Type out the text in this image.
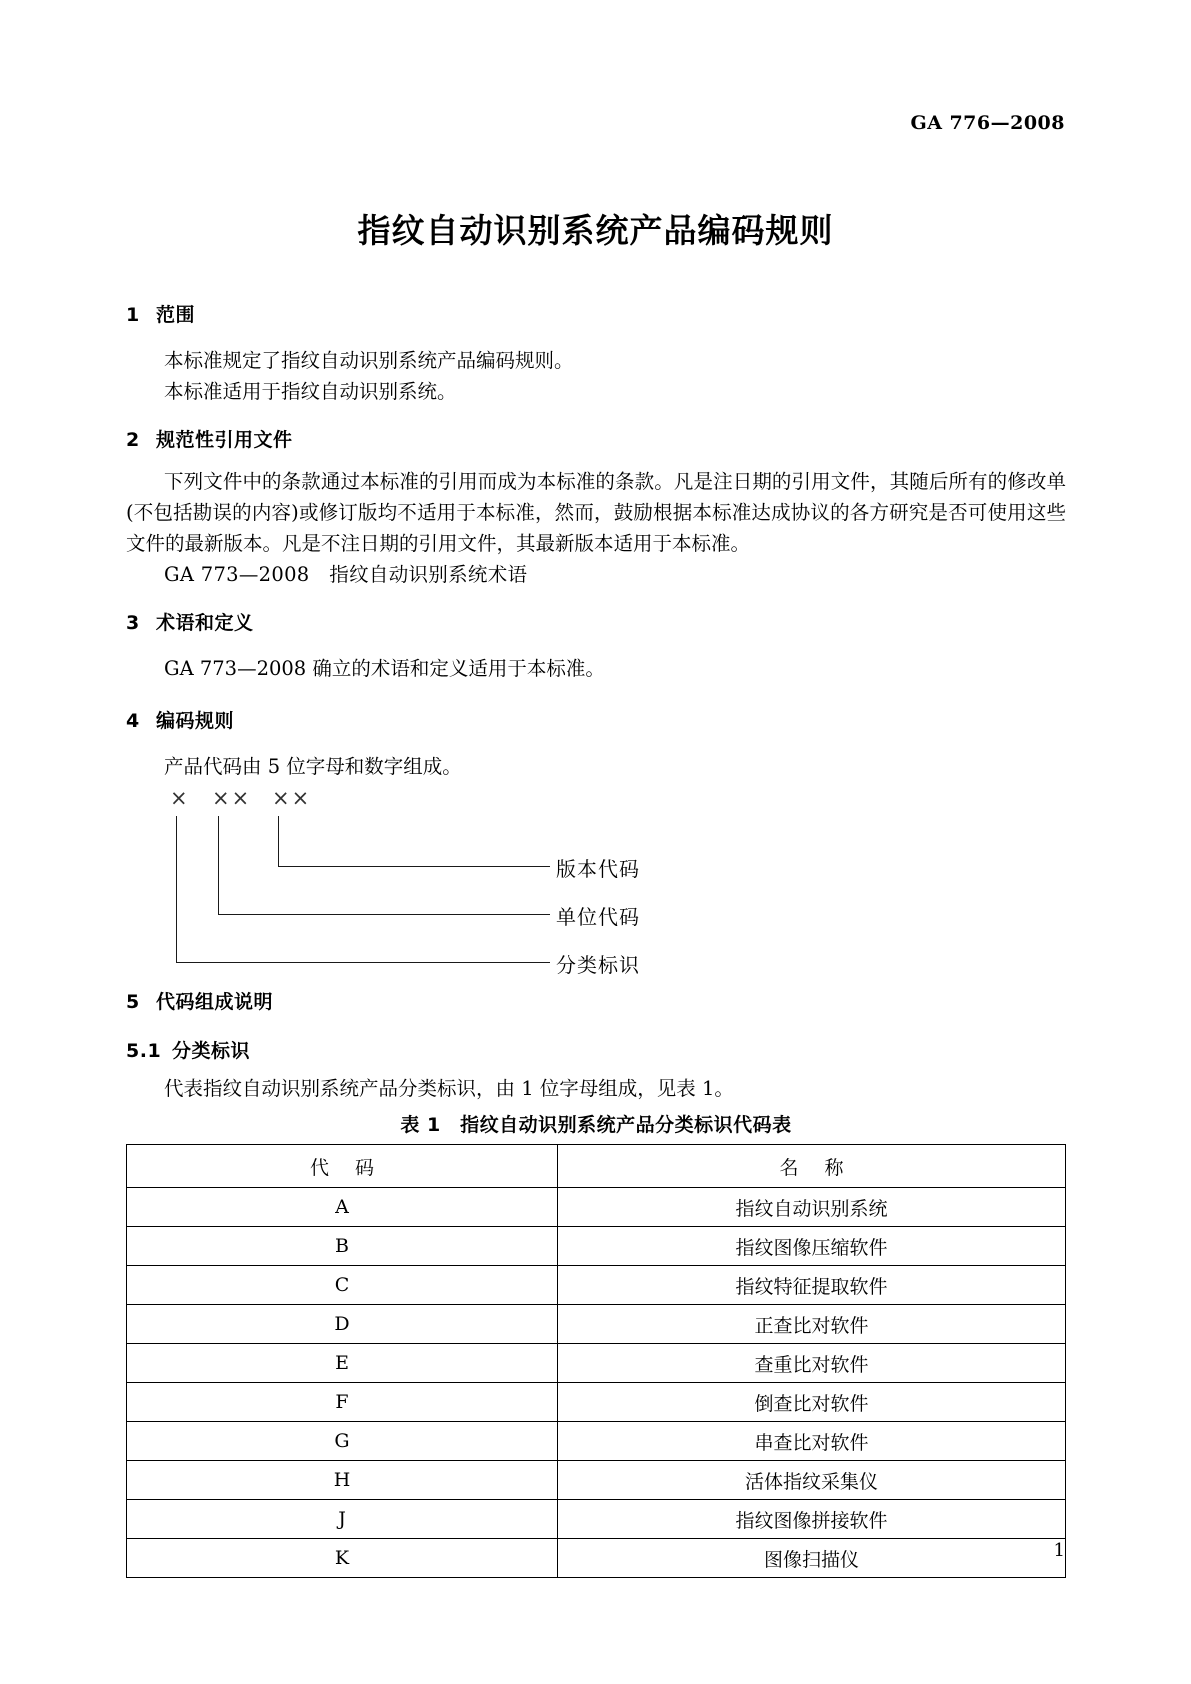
GA 776—2008
指纹自动识别系统产品编码规则
1 范围

本标准规定了指纹自动识别系统产品编码规则。

本标准适用于指纹自动识别系统。

2 规范性引用文件

下列文件中的条款通过本标准的引用而成为本标准的条款。凡是注日期的引用文件，其随后所有的修改单(不包括勘误的内容)或修订版均不适用于本标准，然而，鼓励根据本标准达成协议的各方研究是否可使用这些文件的最新版本。凡是不注日期的引用文件，其最新版本适用于本标准。

GA 773—2008　指纹自动识别系统术语

3 术语和定义

GA 773—2008 确立的术语和定义适用于本标准。

4 编码规则

产品代码由 5 位字母和数字组成。

× ×× ××
版本代码
单位代码
分类标识
5 代码组成说明
5.1 分类标识

代表指纹自动识别系统产品分类标识，由 1 位字母组成，见表 1。

表 1　指纹自动识别系统产品分类标识代码表
代 码	名 称
A	指纹自动识别系统
B	指纹图像压缩软件
C	指纹特征提取软件
D	正查比对软件
E	查重比对软件
F	倒查比对软件
G	串查比对软件
H	活体指纹采集仪
J	指纹图像拼接软件
K	图像扫描仪	1
